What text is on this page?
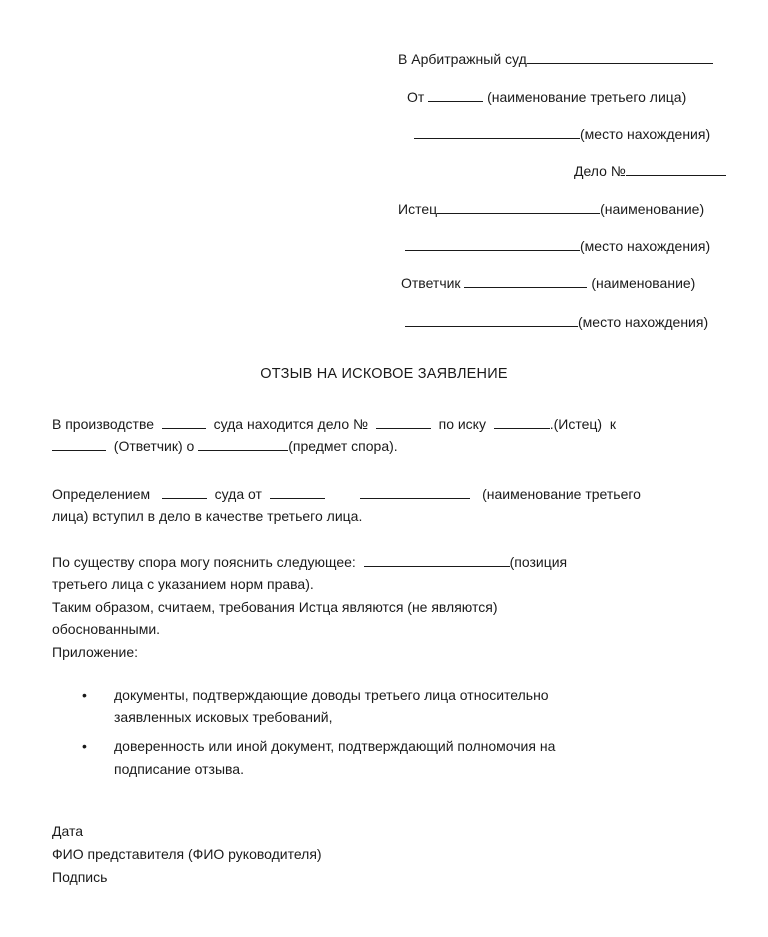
В Арбитражный суд
От	(наименование третьего лица)
(место нахождения)
Дело №
Истец	(наименование)
(место нахождения)
Ответчик	(наименование)
(место нахождения)
ОТЗЫВ НА ИСКОВОЕ ЗАЯВЛЕНИЕ
В производстве	суда находится дело №	по иску	.(Истец) к
(Ответчик) о	(предмет спора).
Определением	суда от	(наименование третьего
лица) вступил в дело в качестве третьего лица.
По существу спора могу пояснить следующее:	(позиция
третьего лица с указанием норм права).
Таким образом, считаем, требования Истца являются (не являются)
обоснованными.
Приложение:
• документы, подтверждающие доводы третьего лица относительно
заявленных исковых требований,
• доверенность или иной документ, подтверждающий полномочия на
подписание отзыва.
Дата
ФИО представителя (ФИО руководителя)
Подпись
